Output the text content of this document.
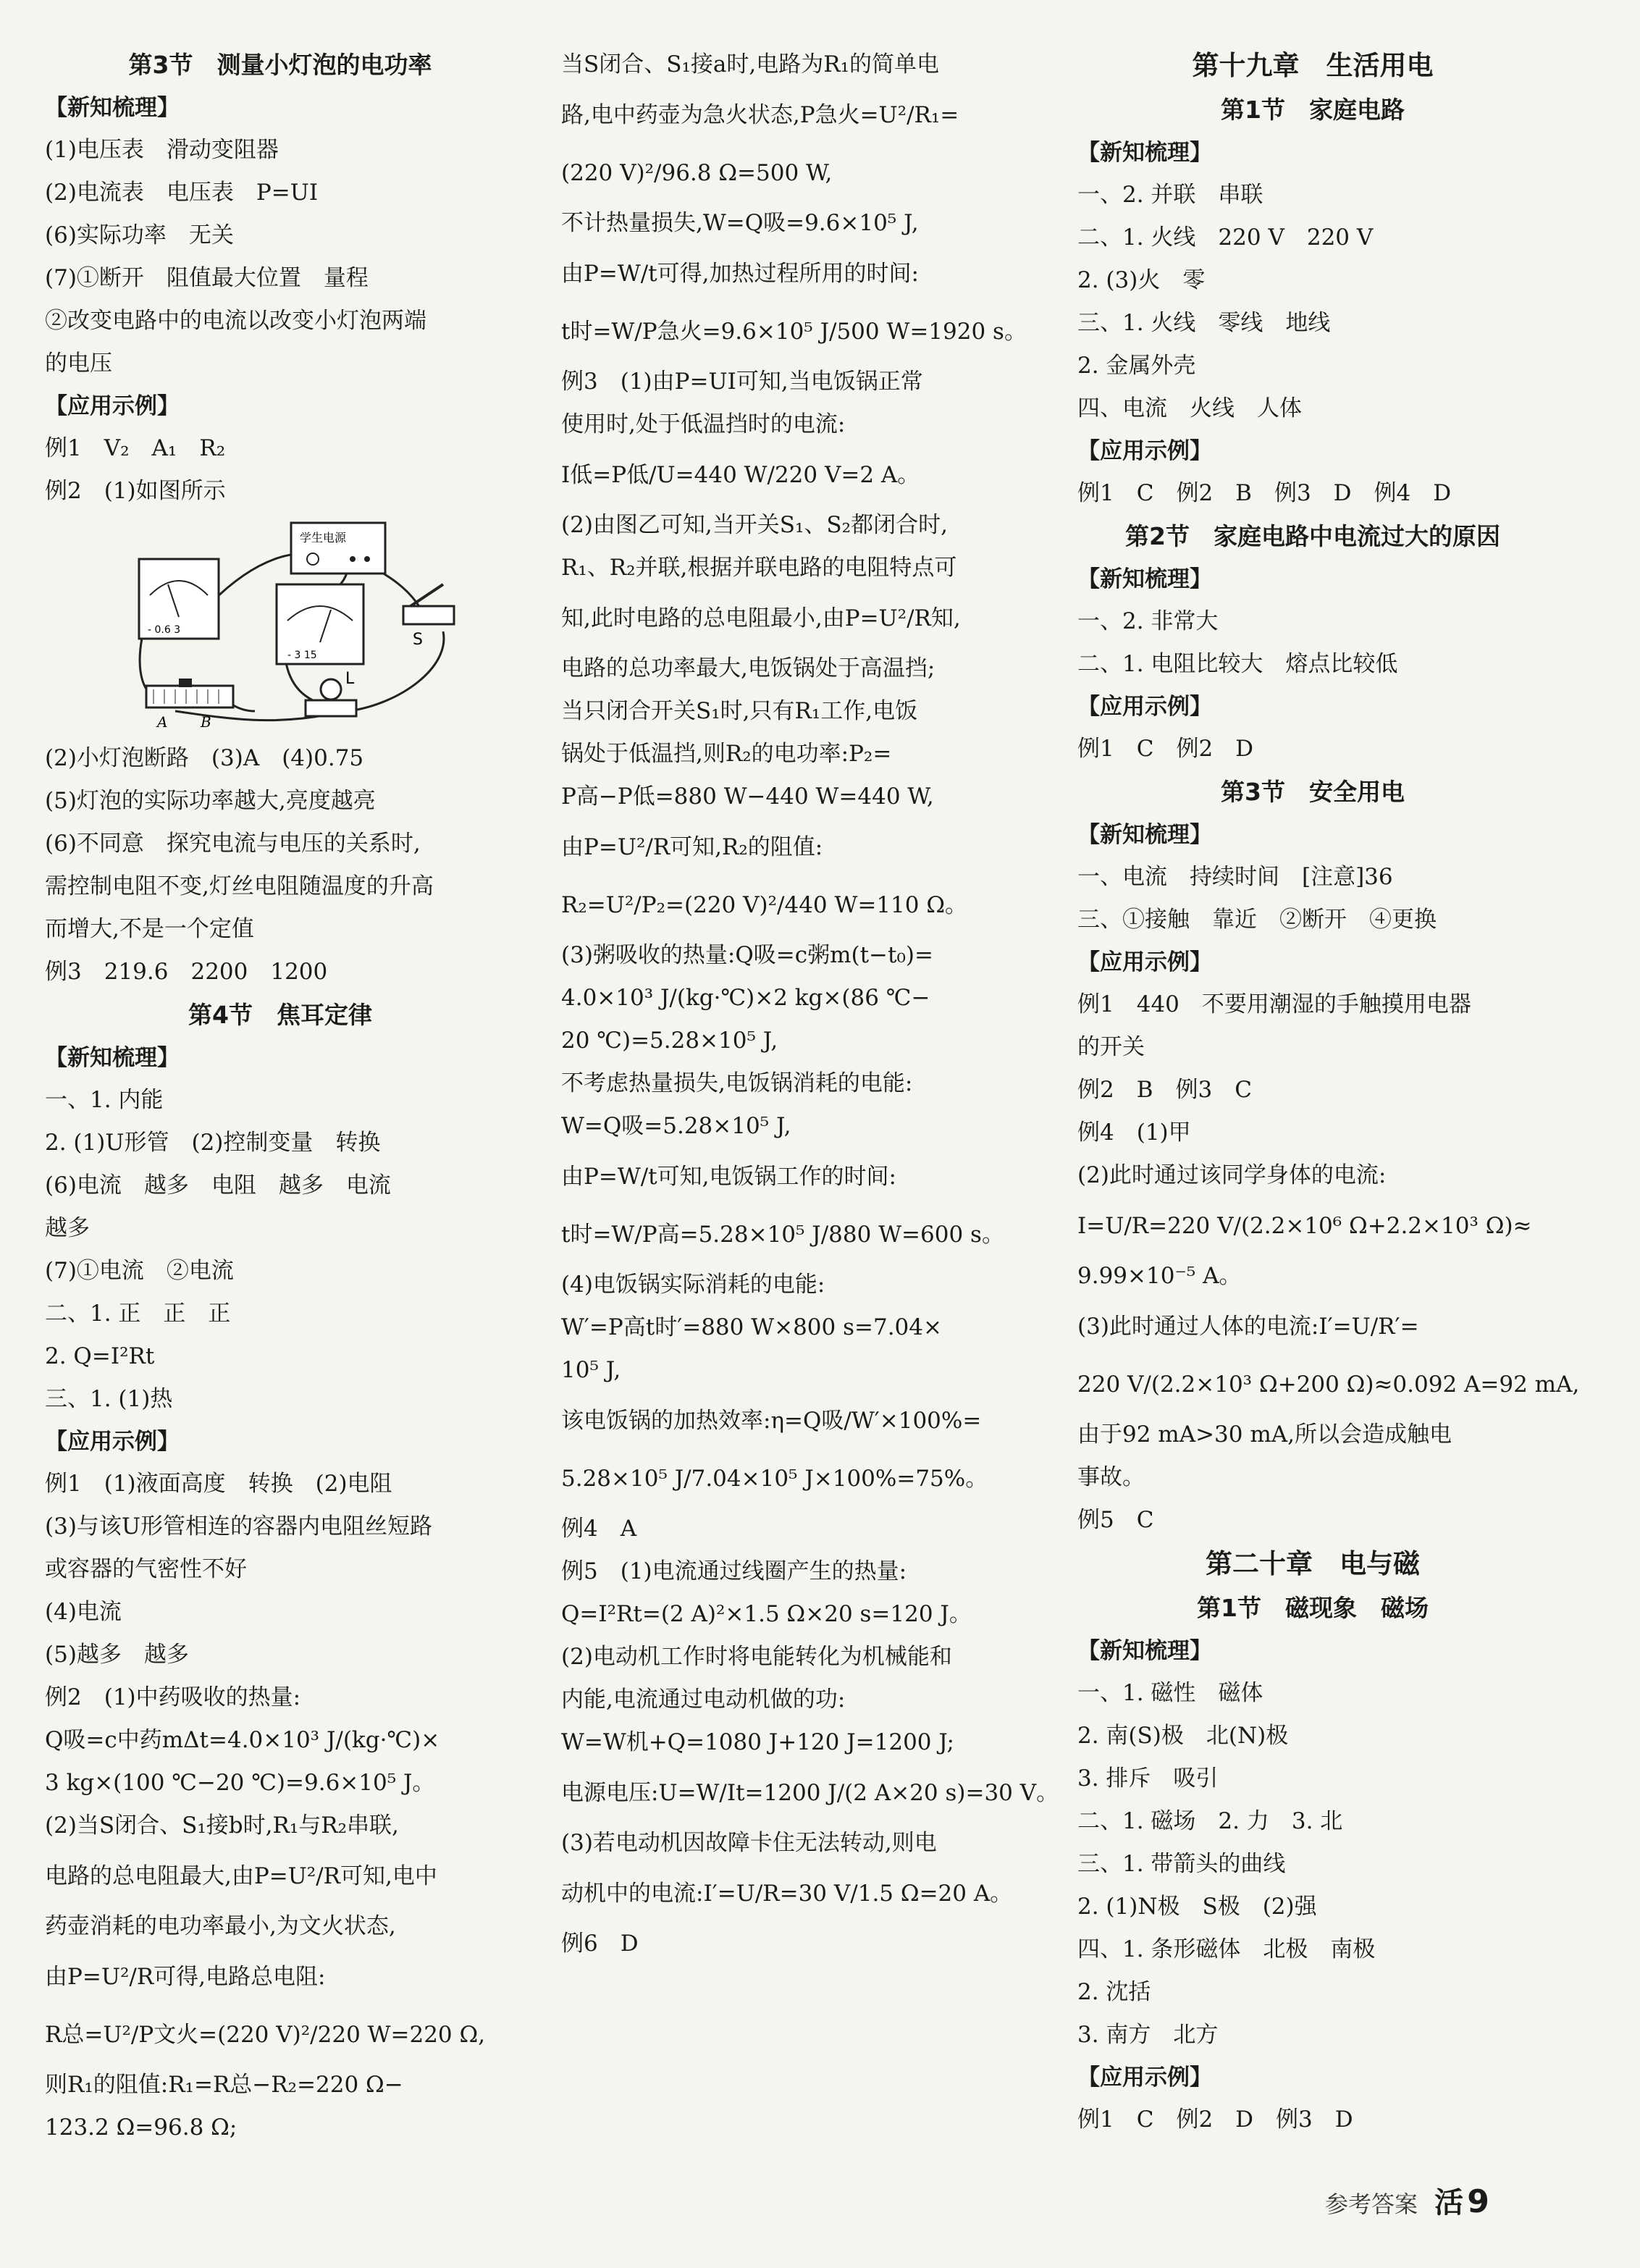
第3节　测量小灯泡的电功率
【新知梳理】
(1)电压表　滑动变阻器
(2)电流表　电压表　P=UI
(6)实际功率　无关
(7)①断开　阻值最大位置　量程
②改变电路中的电流以改变小灯泡两端
的电压
【应用示例】
例1　V₂　A₁　R₂
例2　(1)如图所示
学生电源
- 0.6 3
- 3 15
S
A B
L
(2)小灯泡断路　(3)A　(4)0.75
(5)灯泡的实际功率越大,亮度越亮
(6)不同意　探究电流与电压的关系时,
需控制电阻不变,灯丝电阻随温度的升高
而增大,不是一个定值
例3　219.6　2200　1200
第4节　焦耳定律
【新知梳理】
一、1. 内能
2. (1)U形管　(2)控制变量　转换
(6)电流　越多　电阻　越多　电流
越多
(7)①电流　②电流
二、1. 正　正　正
2. Q=I²Rt
三、1. (1)热
【应用示例】
例1　(1)液面高度　转换　(2)电阻
(3)与该U形管相连的容器内电阻丝短路
或容器的气密性不好
(4)电流
(5)越多　越多
例2　(1)中药吸收的热量:
Q吸=c中药mΔt=4.0×10³ J/(kg·℃)×
3 kg×(100 ℃−20 ℃)=9.6×10⁵ J。
(2)当S闭合、S₁接b时,R₁与R₂串联,
电路的总电阻最大,由P=U²/R可知,电中
药壶消耗的电功率最小,为文火状态,
由P=U²/R可得,电路总电阻:
R总=U²/P文火=(220 V)²/220 W=220 Ω,
则R₁的阻值:R₁=R总−R₂=220 Ω−
123.2 Ω=96.8 Ω;
当S闭合、S₁接a时,电路为R₁的简单电
路,电中药壶为急火状态,P急火=U²/R₁=
(220 V)²/96.8 Ω=500 W,
不计热量损失,W=Q吸=9.6×10⁵ J,
由P=W/t可得,加热过程所用的时间:
t时=W/P急火=9.6×10⁵ J/500 W=1920 s。
例3　(1)由P=UI可知,当电饭锅正常
使用时,处于低温挡时的电流:
I低=P低/U=440 W/220 V=2 A。
(2)由图乙可知,当开关S₁、S₂都闭合时,
R₁、R₂并联,根据并联电路的电阻特点可
知,此时电路的总电阻最小,由P=U²/R知,
电路的总功率最大,电饭锅处于高温挡;
当只闭合开关S₁时,只有R₁工作,电饭
锅处于低温挡,则R₂的电功率:P₂=
P高−P低=880 W−440 W=440 W,
由P=U²/R可知,R₂的阻值:
R₂=U²/P₂=(220 V)²/440 W=110 Ω。
(3)粥吸收的热量:Q吸=c粥m(t−t₀)=
4.0×10³ J/(kg·℃)×2 kg×(86 ℃−
20 ℃)=5.28×10⁵ J,
不考虑热量损失,电饭锅消耗的电能:
W=Q吸=5.28×10⁵ J,
由P=W/t可知,电饭锅工作的时间:
t时=W/P高=5.28×10⁵ J/880 W=600 s。
(4)电饭锅实际消耗的电能:
W′=P高t时′=880 W×800 s=7.04×
10⁵ J,
该电饭锅的加热效率:η=Q吸/W′×100%=
5.28×10⁵ J/7.04×10⁵ J×100%=75%。
例4　A
例5　(1)电流通过线圈产生的热量:
Q=I²Rt=(2 A)²×1.5 Ω×20 s=120 J。
(2)电动机工作时将电能转化为机械能和
内能,电流通过电动机做的功:
W=W机+Q=1080 J+120 J=1200 J;
电源电压:U=W/It=1200 J/(2 A×20 s)=30 V。
(3)若电动机因故障卡住无法转动,则电
动机中的电流:I′=U/R=30 V/1.5 Ω=20 A。
例6　D
第十九章　生活用电
第1节　家庭电路
【新知梳理】
一、2. 并联　串联
二、1. 火线　220 V　220 V
2. (3)火　零
三、1. 火线　零线　地线
2. 金属外壳
四、电流　火线　人体
【应用示例】
例1　C　例2　B　例3　D　例4　D
第2节　家庭电路中电流过大的原因
【新知梳理】
一、2. 非常大
二、1. 电阻比较大　熔点比较低
【应用示例】
例1　C　例2　D
第3节　安全用电
【新知梳理】
一、电流　持续时间　[注意]36
三、①接触　靠近　②断开　④更换
【应用示例】
例1　440　不要用潮湿的手触摸用电器
的开关
例2　B　例3　C
例4　(1)甲
(2)此时通过该同学身体的电流:
I=U/R=220 V/(2.2×10⁶ Ω+2.2×10³ Ω)≈
9.99×10⁻⁵ A。
(3)此时通过人体的电流:I′=U/R′=
220 V/(2.2×10³ Ω+200 Ω)≈0.092 A=92 mA,
由于92 mA>30 mA,所以会造成触电
事故。
例5　C
第二十章　电与磁
第1节　磁现象　磁场
【新知梳理】
一、1. 磁性　磁体
2. 南(S)极　北(N)极
3. 排斥　吸引
二、1. 磁场　2. 力　3. 北
三、1. 带箭头的曲线
2. (1)N极　S极　(2)强
四、1. 条形磁体　北极　南极
2. 沈括
3. 南方　北方
【应用示例】
例1　C　例2　D　例3　D
参考答案 活 9
